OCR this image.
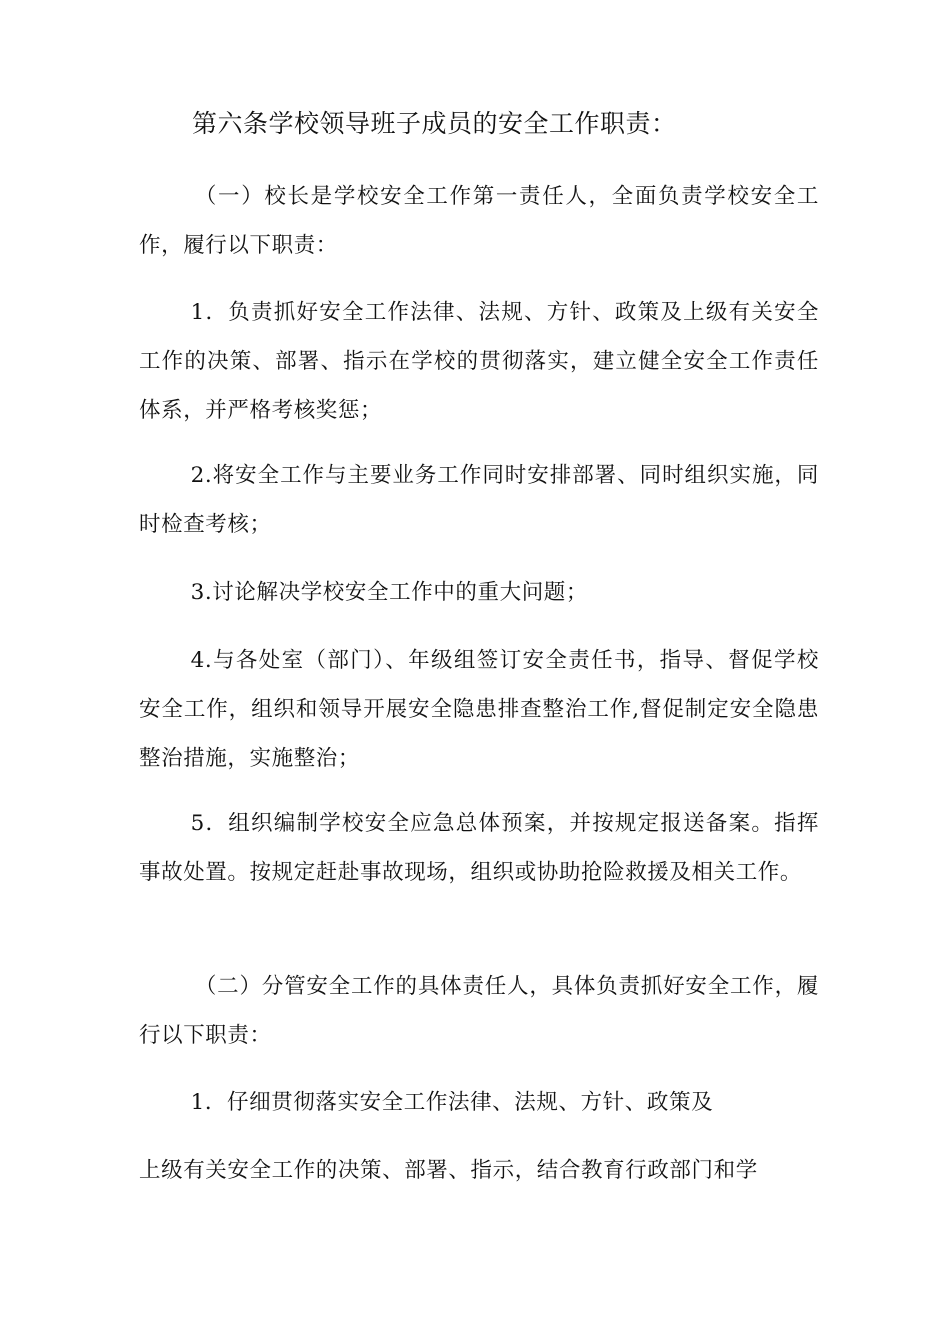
第六条学校领导班子成员的安全工作职责：

（一）校长是学校安全工作第一责任人，全面负责学校安全工作，履行以下职责：

1．负责抓好安全工作法律、法规、方针、政策及上级有关安全工作的决策、部署、指示在学校的贯彻落实，建立健全安全工作责任体系，并严格考核奖惩；

2.将安全工作与主要业务工作同时安排部署、同时组织实施，同时检查考核；

3.讨论解决学校安全工作中的重大问题；

4.与各处室（部门）、年级组签订安全责任书，指导、督促学校安全工作，组织和领导开展安全隐患排查整治工作,督促制定安全隐患整治措施，实施整治；

5．组织编制学校安全应急总体预案，并按规定报送备案。指挥事故处置。按规定赶赴事故现场，组织或协助抢险救援及相关工作。

（二）分管安全工作的具体责任人，具体负责抓好安全工作，履行以下职责：

1．仔细贯彻落实安全工作法律、法规、方针、政策及

上级有关安全工作的决策、部署、指示，结合教育行政部门和学
